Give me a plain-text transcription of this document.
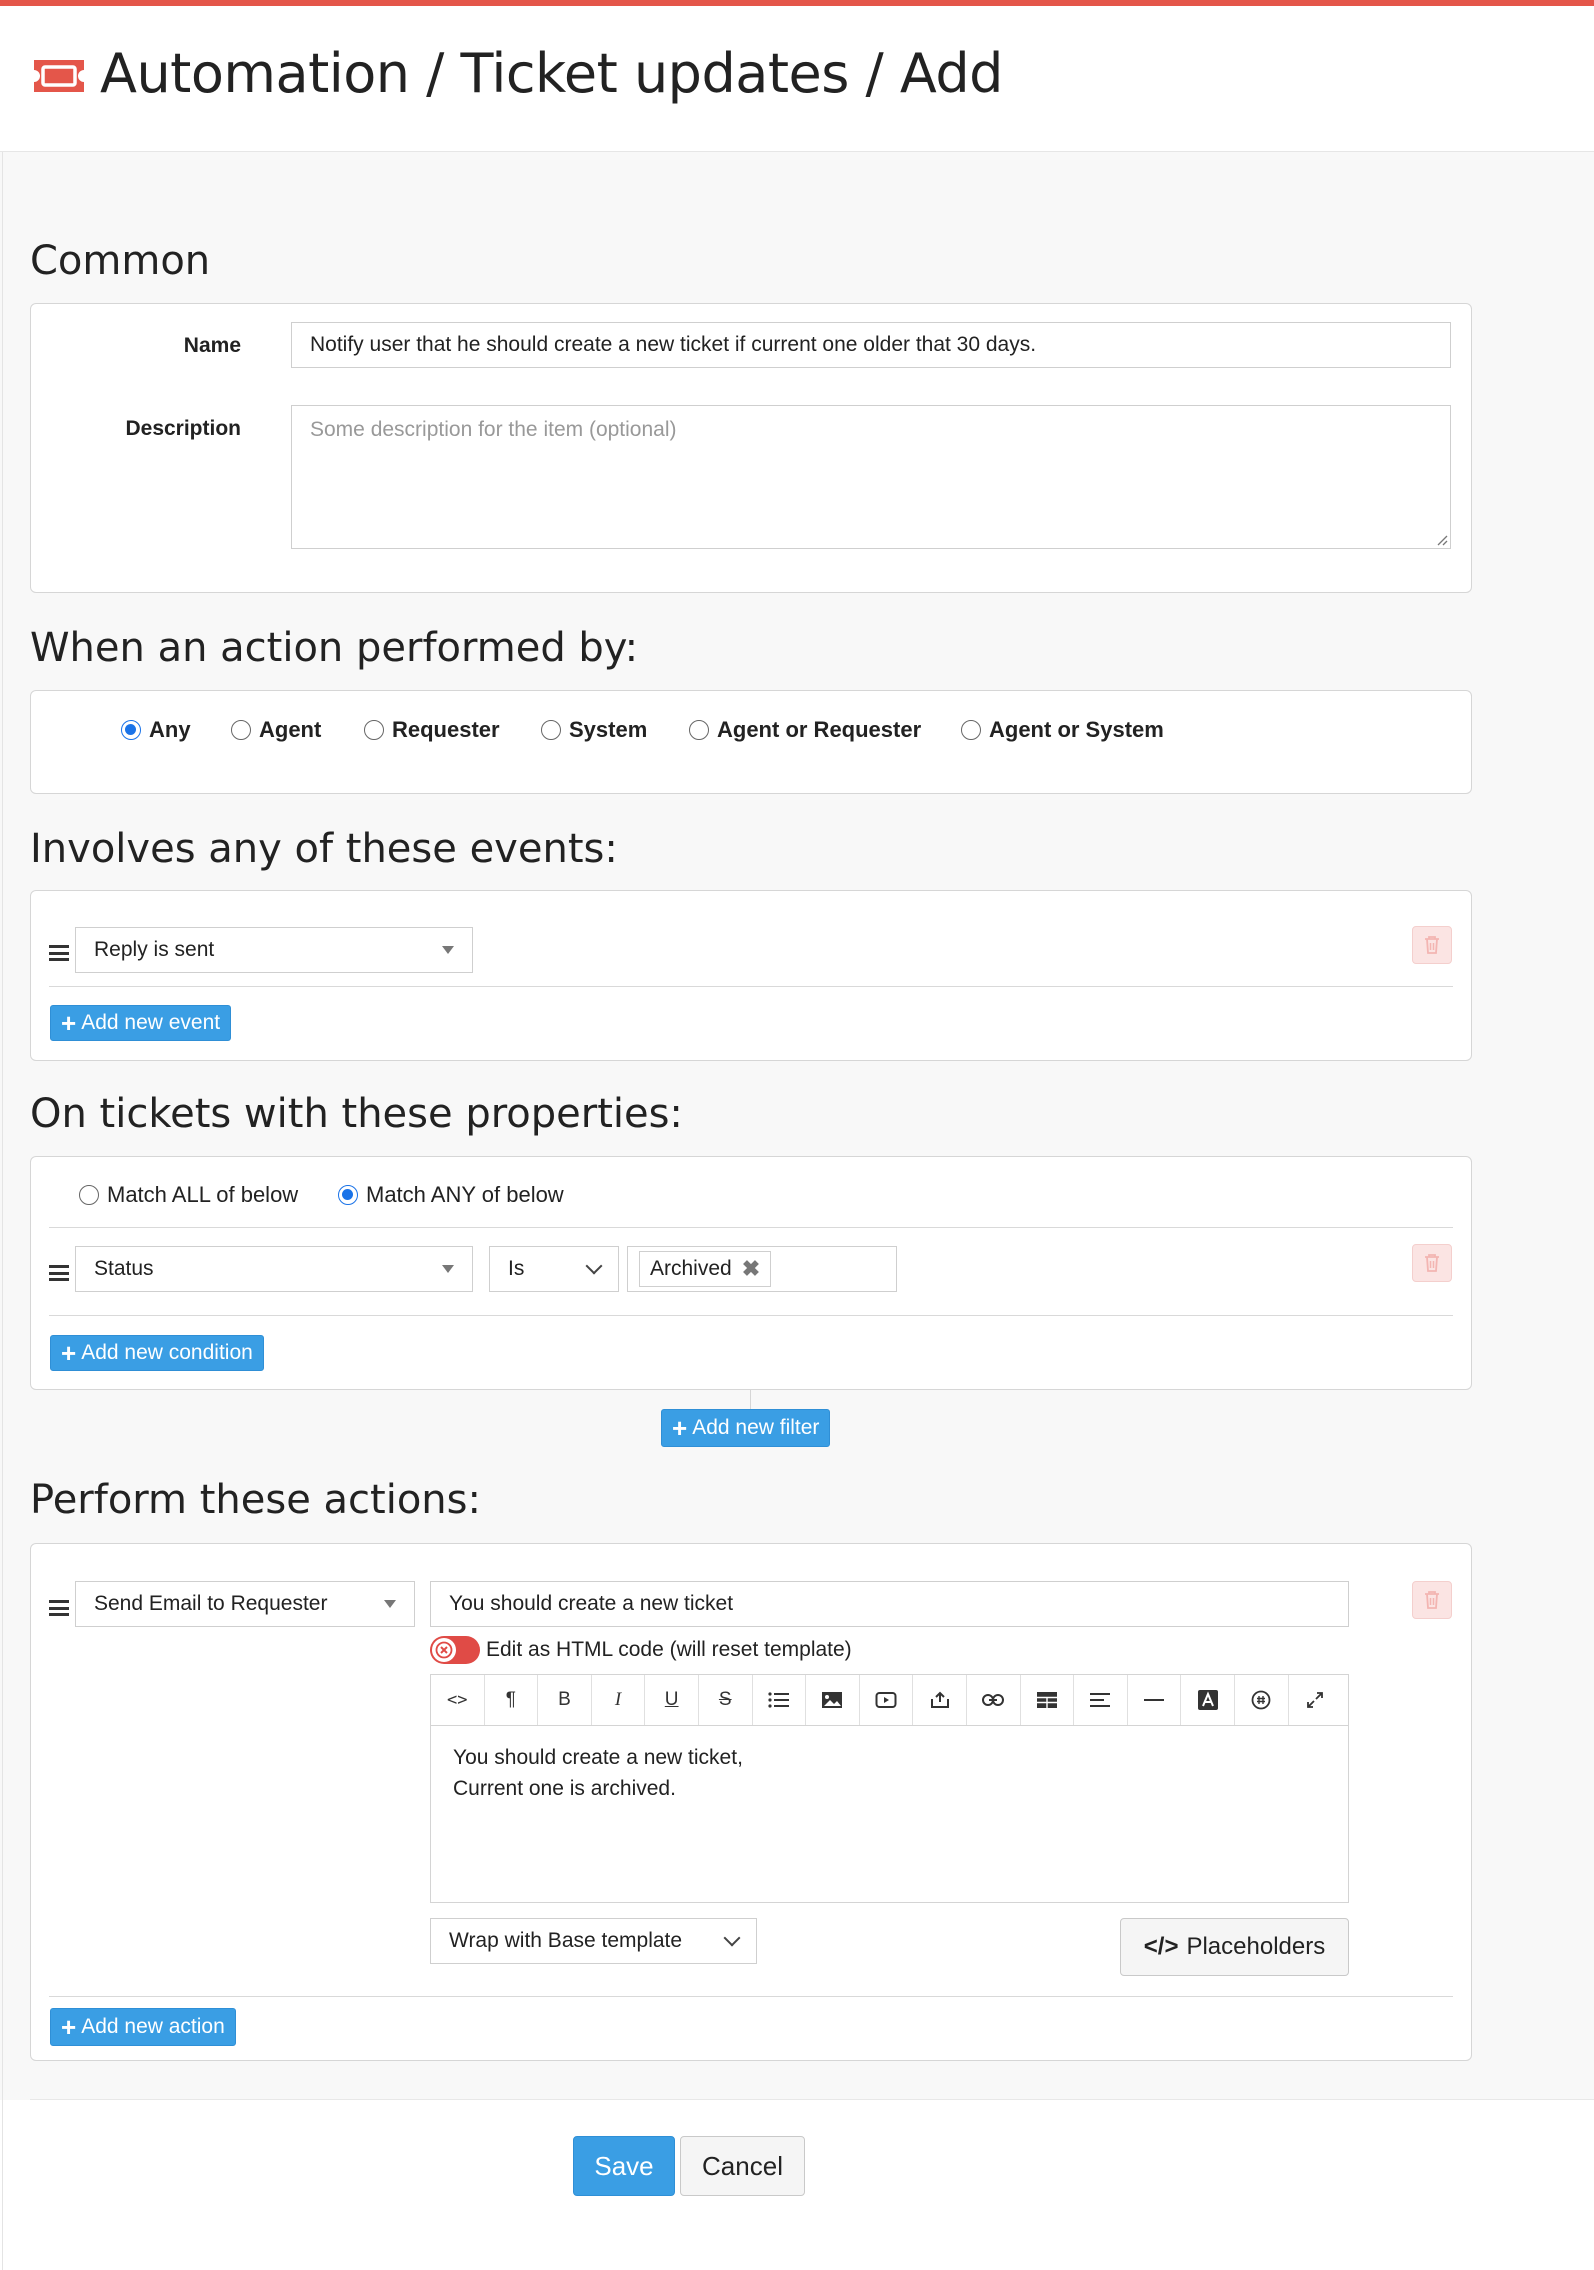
Automation / Ticket updates / Add
Common
Name	Notify user that he should create a new ticket if current one older that 30 days.
Description	Some description for the item (optional)
When an action performed by:
Any	Agent	Requester	System	Agent or Requester	Agent or System
Involves any of these events:
Reply is sent
+ Add new event
On tickets with these properties:
Match ALL of below	Match ANY of below
Status	Is	Archived ✖
+ Add new condition
+ Add new filter
Perform these actions:
Send Email to Requester	You should create a new ticket
Edit as HTML code (will reset template)
<>	¶	B	I	U	S
You should create a new ticket,
Current one is archived.
Wrap with Base template	</> Placeholders
+ Add new action
Save	Cancel
